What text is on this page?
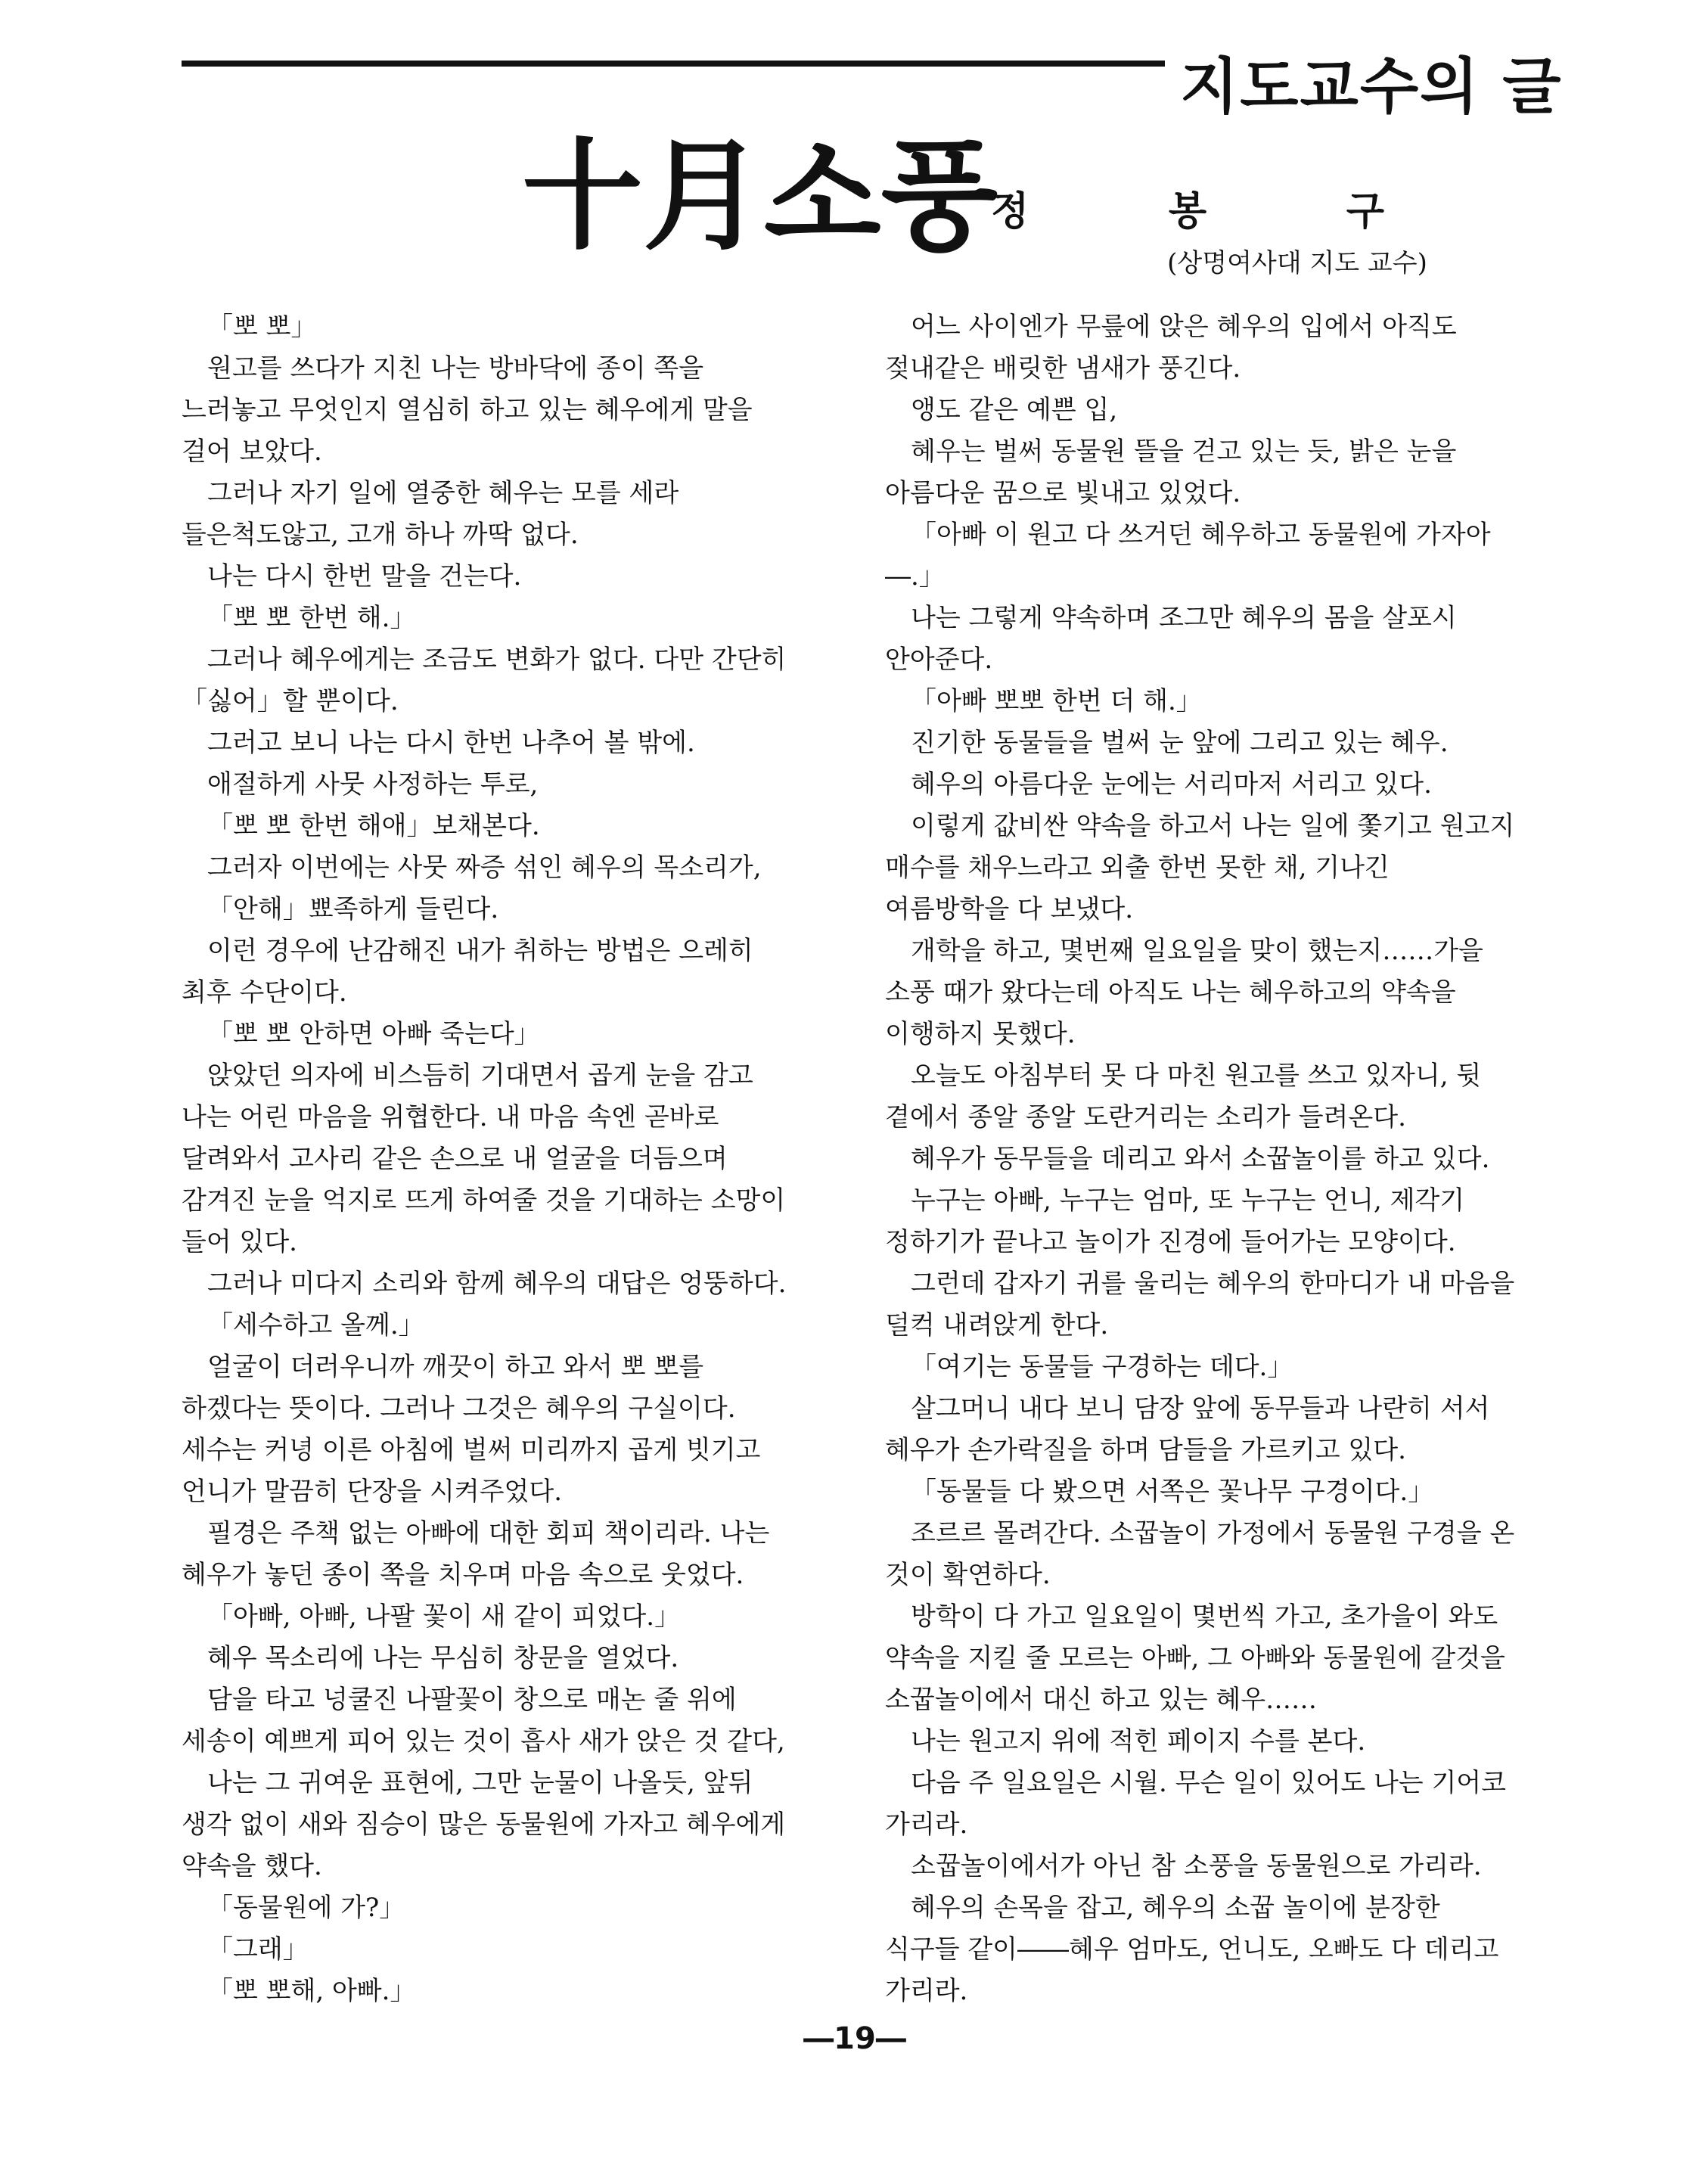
지도교수의 글
十月소풍
정	봉	구
(상명여사대 지도 교수)

「뽀 뽀」

원고를 쓰다가 지친 나는 방바닥에 종이 쪽을 느러놓고 무엇인지 열심히 하고 있는 혜우에게 말을 걸어 보았다.

그러나 자기 일에 열중한 혜우는 모를 세라 들은척도않고, 고개 하나 까딱 없다.

나는 다시 한번 말을 건는다.

「뽀 뽀 한번 해.」

그러나 혜우에게는 조금도 변화가 없다. 다만 간단히 「싫어」할 뿐이다.

그러고 보니 나는 다시 한번 나추어 볼 밖에.

애절하게 사뭇 사정하는 투로,

「뽀 뽀 한번 해애」보채본다.

그러자 이번에는 사뭇 짜증 섞인 혜우의 목소리가,

「안해」뾰족하게 들린다.

이런 경우에 난감해진 내가 취하는 방법은 으레히 최후 수단이다.

「뽀 뽀 안하면 아빠 죽는다」

앉았던 의자에 비스듬히 기대면서 곱게 눈을 감고 나는 어린 마음을 위협한다. 내 마음 속엔 곧바로 달려와서 고사리 같은 손으로 내 얼굴을 더듬으며 감겨진 눈을 억지로 뜨게 하여줄 것을 기대하는 소망이 들어 있다.

그러나 미다지 소리와 함께 혜우의 대답은 엉뚱하다.

「세수하고 올께.」

얼굴이 더러우니까 깨끗이 하고 와서 뽀 뽀를 하겠다는 뜻이다. 그러나 그것은 혜우의 구실이다. 세수는 커녕 이른 아침에 벌써 미리까지 곱게 빗기고 언니가 말끔히 단장을 시켜주었다.

필경은 주책 없는 아빠에 대한 회피 책이리라. 나는 혜우가 놓던 종이 쪽을 치우며 마음 속으로 웃었다.

「아빠, 아빠, 나팔 꽃이 새 같이 피었다.」

혜우 목소리에 나는 무심히 창문을 열었다.

담을 타고 넝쿨진 나팔꽃이 창으로 매논 줄 위에 세송이 예쁘게 피어 있는 것이 흡사 새가 앉은 것 같다,

나는 그 귀여운 표현에, 그만 눈물이 나올듯, 앞뒤 생각 없이 새와 짐승이 많은 동물원에 가자고 혜우에게 약속을 했다.

「동물원에 가?」

「그래」

「뽀 뽀해, 아빠.」

어느 사이엔가 무릎에 앉은 혜우의 입에서 아직도 젖내같은 배릿한 냄새가 풍긴다.

앵도 같은 예쁜 입,

혜우는 벌써 동물원 뜰을 걷고 있는 듯, 밝은 눈을 아름다운 꿈으로 빛내고 있었다.

「아빠 이 원고 다 쓰거던 혜우하고 동물원에 가자아―.」

나는 그렇게 약속하며 조그만 혜우의 몸을 살포시 안아준다.

「아빠 뽀뽀 한번 더 해.」

진기한 동물들을 벌써 눈 앞에 그리고 있는 혜우.

혜우의 아름다운 눈에는 서리마저 서리고 있다.

이렇게 값비싼 약속을 하고서 나는 일에 쫓기고 원고지 매수를 채우느라고 외출 한번 못한 채, 기나긴 여름방학을 다 보냈다.

개학을 하고, 몇번째 일요일을 맞이 했는지……가을 소풍 때가 왔다는데 아직도 나는 혜우하고의 약속을 이행하지 못했다.

오늘도 아침부터 못 다 마친 원고를 쓰고 있자니, 뒷 곁에서 종알 종알 도란거리는 소리가 들려온다.

혜우가 동무들을 데리고 와서 소꿉놀이를 하고 있다.

누구는 아빠, 누구는 엄마, 또 누구는 언니, 제각기 정하기가 끝나고 놀이가 진경에 들어가는 모양이다.

그런데 갑자기 귀를 울리는 혜우의 한마디가 내 마음을 덜컥 내려앉게 한다.

「여기는 동물들 구경하는 데다.」

살그머니 내다 보니 담장 앞에 동무들과 나란히 서서 혜우가 손가락질을 하며 담들을 가르키고 있다.

「동물들 다 봤으면 서쪽은 꽃나무 구경이다.」

조르르 몰려간다. 소꿉놀이 가정에서 동물원 구경을 온 것이 확연하다.

방학이 다 가고 일요일이 몇번씩 가고, 초가을이 와도 약속을 지킬 줄 모르는 아빠, 그 아빠와 동물원에 갈것을 소꿉놀이에서 대신 하고 있는 혜우……

나는 원고지 위에 적힌 페이지 수를 본다.

다음 주 일요일은 시월. 무슨 일이 있어도 나는 기어코 가리라.

소꿉놀이에서가 아닌 참 소풍을 동물원으로 가리라.

혜우의 손목을 잡고, 혜우의 소꿉 놀이에 분장한 식구들 같이――혜우 엄마도, 언니도, 오빠도 다 데리고 가리라.

―19―
